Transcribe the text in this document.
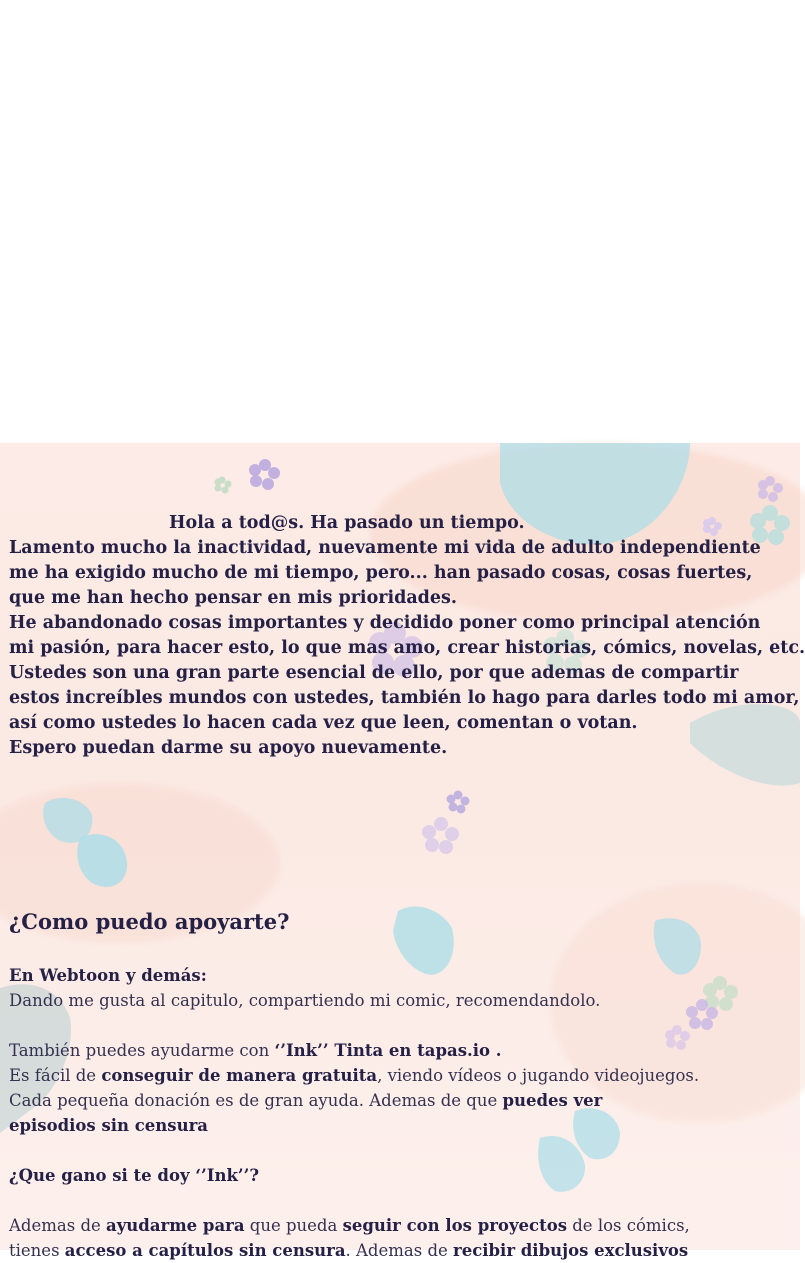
Hola a tod@s. Ha pasado un tiempo.
Lamento mucho la inactividad, nuevamente mi vida de adulto independiente
me ha exigido mucho de mi tiempo, pero... han pasado cosas, cosas fuertes,
que me han hecho pensar en mis prioridades.
He abandonado cosas importantes y decidido poner como principal atención
mi pasión, para hacer esto, lo que mas amo, crear historias, cómics, novelas, etc.
Ustedes son una gran parte esencial de ello, por que ademas de compartir
estos increíbles mundos con ustedes, también lo hago para darles todo mi amor,
así como ustedes lo hacen cada vez que leen, comentan o votan.
Espero puedan darme su apoyo nuevamente.
¿Como puedo apoyarte?
En Webtoon y demás:
Dando me gusta al capitulo, compartiendo mi comic, recomendandolo.
También puedes ayudarme con ‘’Ink’’ Tinta en tapas.io .
Es fácil de conseguir de manera gratuita, viendo vídeos o jugando videojuegos.
Cada pequeña donación es de gran ayuda. Ademas de que puedes ver
episodios sin censura
¿Que gano si te doy ‘’Ink’’?
Ademas de ayudarme para que pueda seguir con los proyectos de los cómics,
tienes acceso a capítulos sin censura. Ademas de recibir dibujos exclusivos
